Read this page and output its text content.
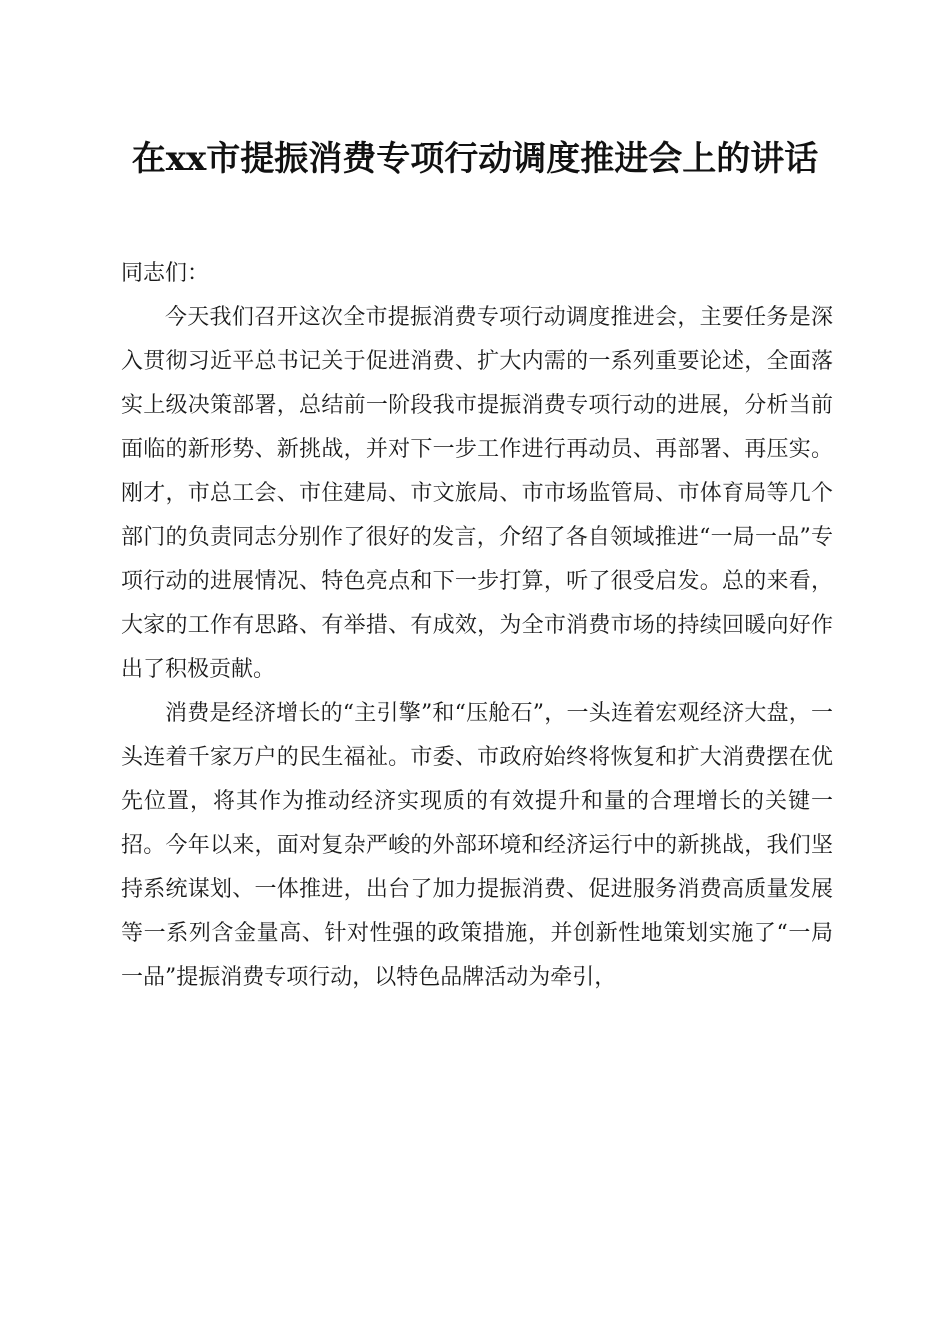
在xx市提振消费专项行动调度推进会上的讲话

同志们：

今天我们召开这次全市提振消费专项行动调度推进会，主要任务是深入贯彻习近平总书记关于促进消费、扩大内需的一系列重要论述，全面落实上级决策部署，总结前一阶段我市提振消费专项行动的进展，分析当前面临的新形势、新挑战，并对下一步工作进行再动员、再部署、再压实。刚才，市总工会、市住建局、市文旅局、市市场监管局、市体育局等几个部门的负责同志分别作了很好的发言，介绍了各自领域推进“一局一品”专项行动的进展情况、特色亮点和下一步打算，听了很受启发。总的来看，大家的工作有思路、有举措、有成效，为全市消费市场的持续回暖向好作出了积极贡献。

消费是经济增长的“主引擎”和“压舱石”，一头连着宏观经济大盘，一头连着千家万户的民生福祉。市委、市政府始终将恢复和扩大消费摆在优先位置，将其作为推动经济实现质的有效提升和量的合理增长的关键一招。今年以来，面对复杂严峻的外部环境和经济运行中的新挑战，我们坚持系统谋划、一体推进，出台了加力提振消费、促进服务消费高质量发展等一系列含金量高、针对性强的政策措施，并创新性地策划实施了“一局一品”提振消费专项行动，以特色品牌活动为牵引，
